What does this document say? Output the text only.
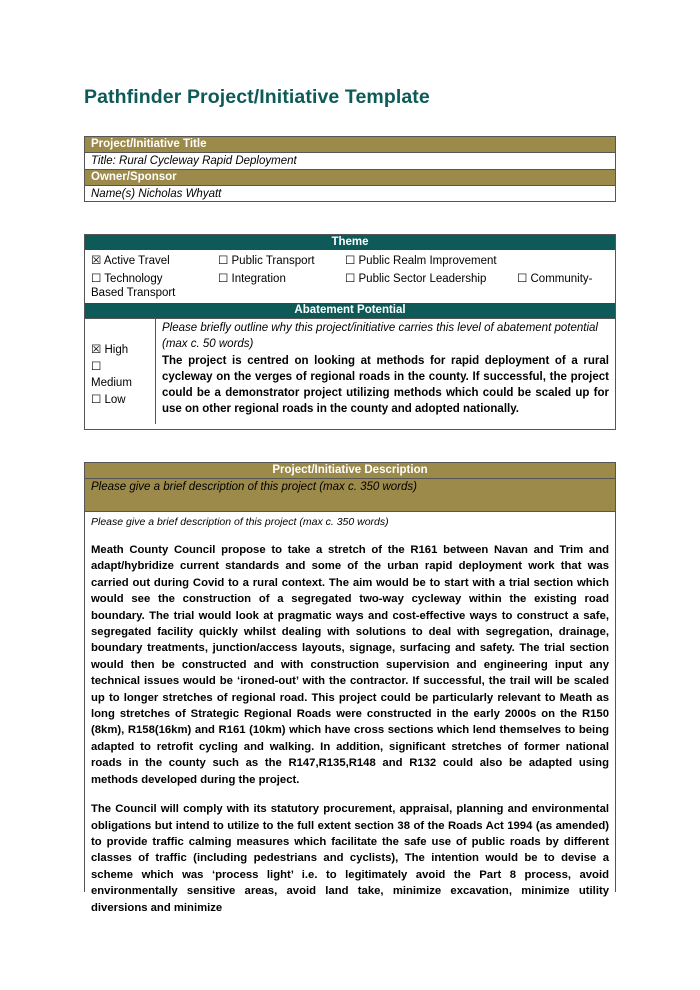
Pathfinder Project/Initiative Template
Project/Initiative Title
Title: Rural Cycleway Rapid Deployment
Owner/Sponsor
Name(s) Nicholas Whyatt
Theme
☒ Active Travel	☐ Public Transport	☐ Public Realm Improvement
☐ Technology	☐ Integration	☐ Public Sector Leadership	☐ Community-
Based Transport
Abatement Potential
☒ High
☐
Medium
☐ Low
Please briefly outline why this project/initiative carries this level of abatement potential (max c. 50 words)
The project is centred on looking at methods for rapid deployment of a rural cycleway on the verges of regional roads in the county. If successful, the project could be a demonstrator project utilizing methods which could be scaled up for use on other regional roads in the county and adopted nationally.
Project/Initiative Description
Please give a brief description of this project (max c. 350 words)
Please give a brief description of this project (max c. 350 words)

Meath County Council propose to take a stretch of the R161 between Navan and Trim and adapt/hybridize current standards and some of the urban rapid deployment work that was carried out during Covid to a rural context. The aim would be to start with a trial section which would see the construction of a segregated two-way cycleway within the existing road boundary. The trial would look at pragmatic ways and cost-effective ways to construct a safe, segregated facility quickly whilst dealing with solutions to deal with segregation, drainage, boundary treatments, junction/access layouts, signage, surfacing and safety. The trial section would then be constructed and with construction supervision and engineering input any technical issues would be ‘ironed-out’ with the contractor. If successful, the trail will be scaled up to longer stretches of regional road. This project could be particularly relevant to Meath as long stretches of Strategic Regional Roads were constructed in the early 2000s on the R150 (8km), R158(16km) and R161 (10km) which have cross sections which lend themselves to being adapted to retrofit cycling and walking. In addition, significant stretches of former national roads in the county such as the R147,R135,R148 and R132 could also be adapted using methods developed during the project.

The Council will comply with its statutory procurement, appraisal, planning and environmental obligations but intend to utilize to the full extent section 38 of the Roads Act 1994 (as amended) to provide traffic calming measures which facilitate the safe use of public roads by different classes of traffic (including pedestrians and cyclists), The intention would be to devise a scheme which was ‘process light’ i.e. to legitimately avoid the Part 8 process, avoid environmentally sensitive areas, avoid land take, minimize excavation, minimize utility diversions and minimize
